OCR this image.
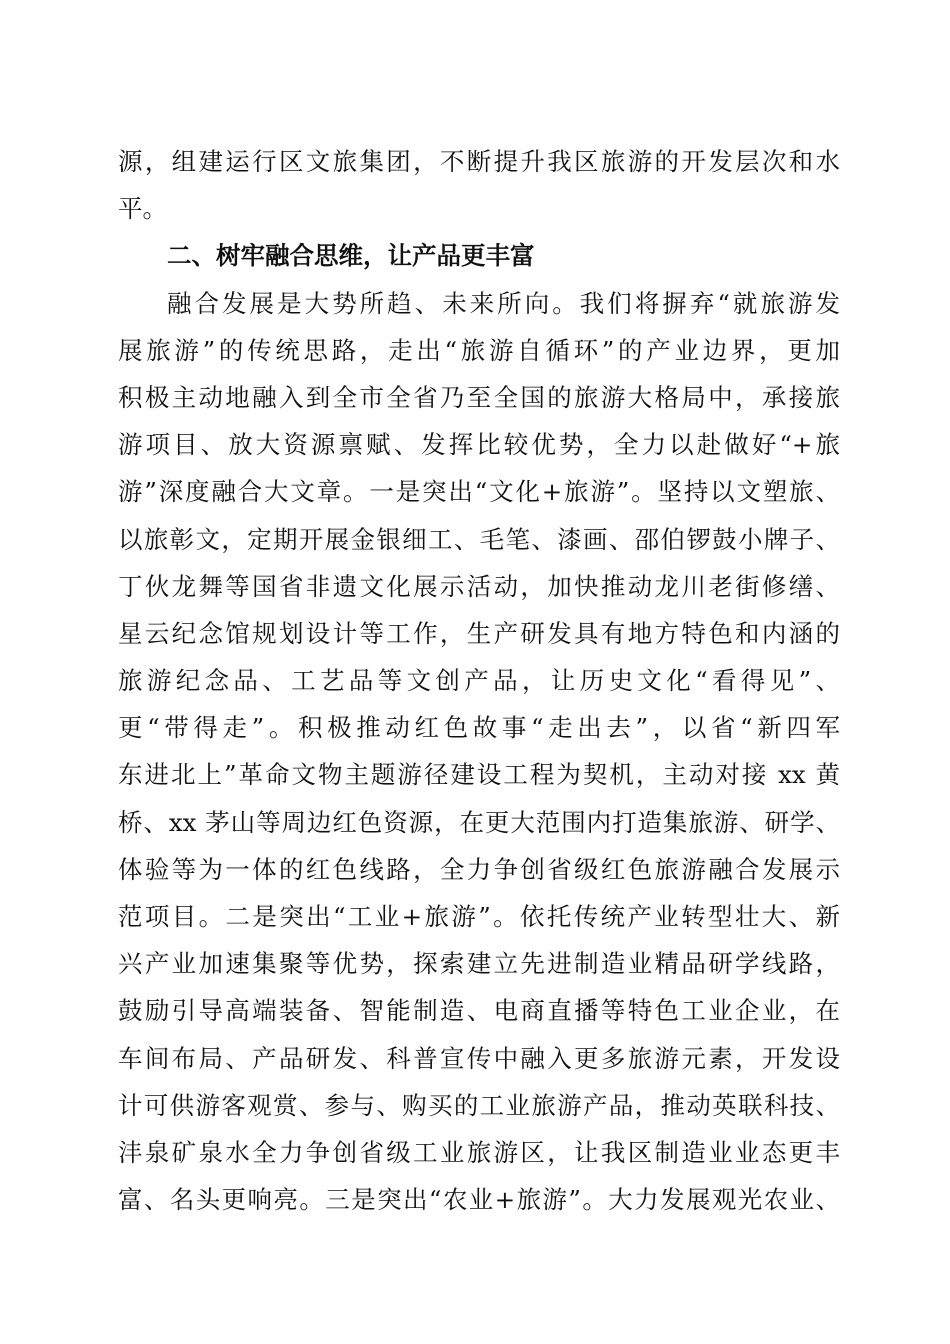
源，组建运行区文旅集团，不断提升我区旅游的开发层次和水
平。
二、树牢融合思维，让产品更丰富
融合发展是大势所趋、未来所向。我们将摒弃“就旅游发
展旅游”的传统思路，走出“旅游自循环”的产业边界，更加
积极主动地融入到全市全省乃至全国的旅游大格局中，承接旅
游项目、放大资源禀赋、发挥比较优势，全力以赴做好“+旅
游”深度融合大文章。一是突出“文化+旅游”。坚持以文塑旅、
以旅彰文，定期开展金银细工、毛笔、漆画、邵伯锣鼓小牌子、
丁伙龙舞等国省非遗文化展示活动，加快推动龙川老街修缮、
星云纪念馆规划设计等工作，生产研发具有地方特色和内涵的
旅游纪念品、工艺品等文创产品，让历史文化“看得见”、
更“带得走”。积极推动红色故事“走出去”，以省“新四军
东进北上”革命文物主题游径建设工程为契机，主动对接 xx 黄
桥、xx 茅山等周边红色资源，在更大范围内打造集旅游、研学、
体验等为一体的红色线路，全力争创省级红色旅游融合发展示
范项目。二是突出“工业+旅游”。依托传统产业转型壮大、新
兴产业加速集聚等优势，探索建立先进制造业精品研学线路，
鼓励引导高端装备、智能制造、电商直播等特色工业企业，在
车间布局、产品研发、科普宣传中融入更多旅游元素，开发设
计可供游客观赏、参与、购买的工业旅游产品，推动英联科技、
沣泉矿泉水全力争创省级工业旅游区，让我区制造业业态更丰
富、名头更响亮。三是突出“农业+旅游”。大力发展观光农业、
